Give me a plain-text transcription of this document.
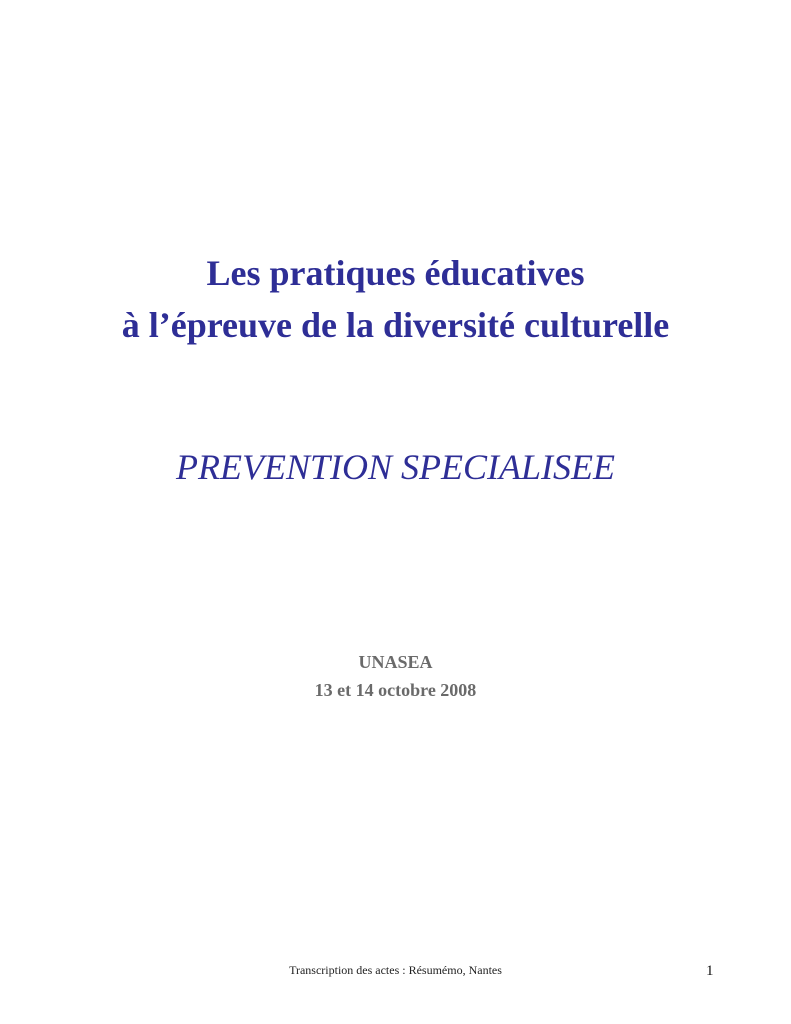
Les pratiques éducatives
à l’épreuve de la diversité culturelle
PREVENTION SPECIALISEE
UNASEA
13 et 14 octobre 2008
Transcription des actes : Résumémo, Nantes	1
